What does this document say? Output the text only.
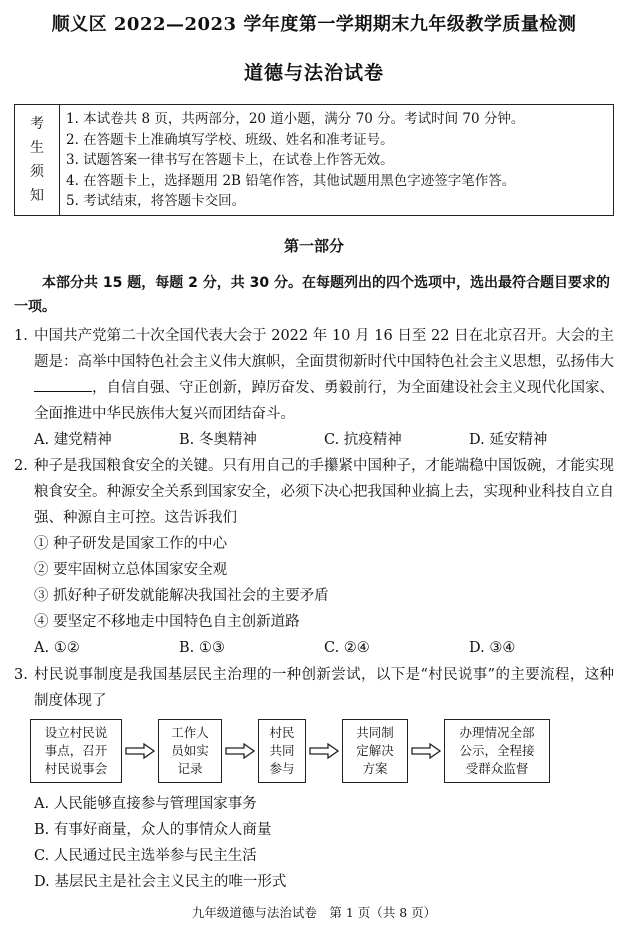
顺义区 2022—2023 学年度第一学期期末九年级教学质量检测
道德与法治试卷
考
生
须
知
1. 本试卷共 8 页，共两部分，20 道小题，满分 70 分。考试时间 70 分钟。
2. 在答题卡上准确填写学校、班级、姓名和准考证号。
3. 试题答案一律书写在答题卡上，在试卷上作答无效。
4. 在答题卡上，选择题用 2B 铅笔作答，其他试题用黑色字迹签字笔作答。
5. 考试结束，将答题卡交回。
第一部分
本部分共 15 题，每题 2 分，共 30 分。在每题列出的四个选项中，选出最符合题目要求的一项。
1. 中国共产党第二十次全国代表大会于 2022 年 10 月 16 日至 22 日在北京召开。大会的主题是：高举中国特色社会主义伟大旗帜，全面贯彻新时代中国特色社会主义思想，弘扬伟大，自信自强、守正创新，踔厉奋发、勇毅前行，为全面建设社会主义现代化国家、全面推进中华民族伟大复兴而团结奋斗。
A. 建党精神	B. 冬奥精神	C. 抗疫精神	D. 延安精神
2. 种子是我国粮食安全的关键。只有用自己的手攥紧中国种子，才能端稳中国饭碗，才能实现粮食安全。种源安全关系到国家安全，必须下决心把我国种业搞上去，实现种业科技自立自强、种源自主可控。这告诉我们
① 种子研发是国家工作的中心
② 要牢固树立总体国家安全观
③ 抓好种子研发就能解决我国社会的主要矛盾
④ 要坚定不移地走中国特色自主创新道路
A. ①②	B. ①③	C. ②④	D. ③④
3. 村民说事制度是我国基层民主治理的一种创新尝试，以下是“村民说事”的主要流程，这种制度体现了
设立村民说
事点，召开
村民说事会
工作人
员如实
记录
村民
共同
参与
共同制
定解决
方案
办理情况全部
公示，全程接
受群众监督
A. 人民能够直接参与管理国家事务
B. 有事好商量，众人的事情众人商量
C. 人民通过民主选举参与民主生活
D. 基层民主是社会主义民主的唯一形式
九年级道德与法治试卷　第 1 页（共 8 页）
